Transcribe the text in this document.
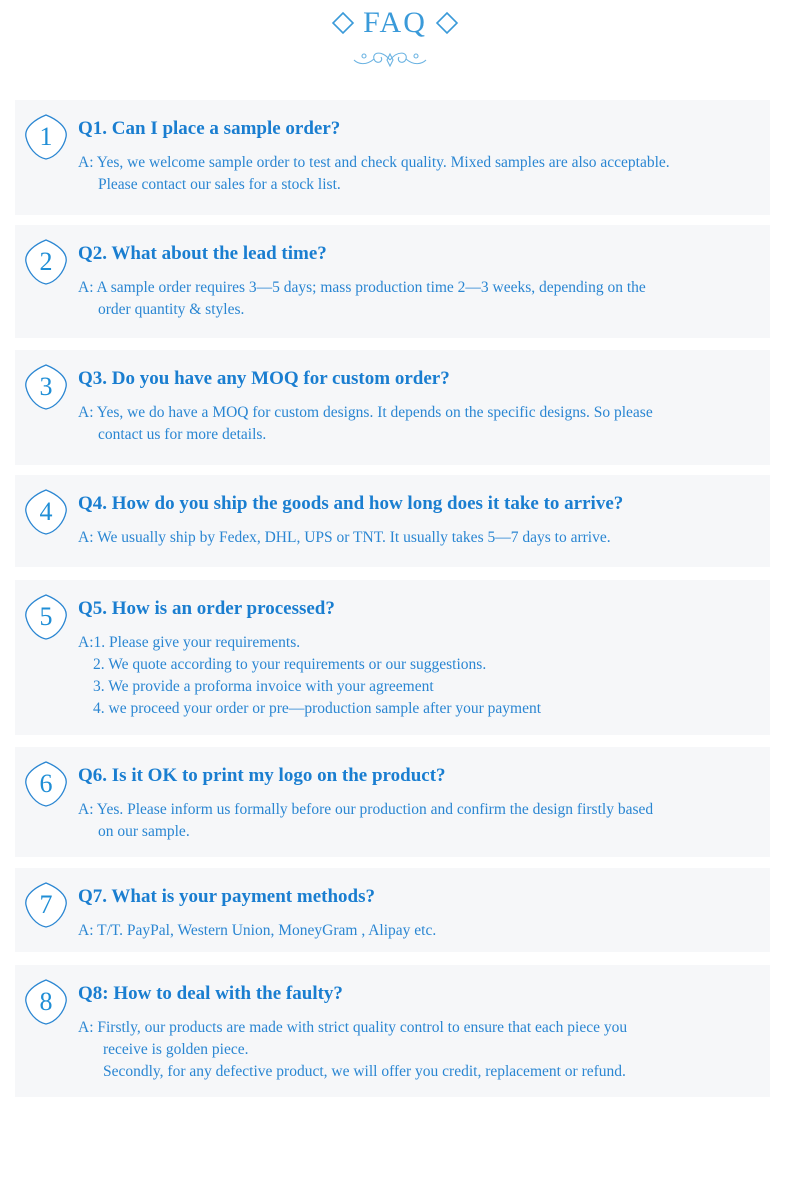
FAQ
1	Q1. Can I place a sample order?
A: Yes, we welcome sample order to test and check quality. Mixed samples are also acceptable.
Please contact our sales for a stock list.
2	Q2. What about the lead time?
A: A sample order requires 3—5 days; mass production time 2—3 weeks, depending on the
order quantity & styles.
3	Q3. Do you have any MOQ for custom order?
A: Yes, we do have a MOQ for custom designs. It depends on the specific designs. So please
contact us for more details.
4	Q4. How do you ship the goods and how long does it take to arrive?
A: We usually ship by Fedex, DHL, UPS or TNT. It usually takes 5—7 days to arrive.
5	Q5. How is an order processed?
A:1. Please give your requirements.
2. We quote according to your requirements or our suggestions.
3. We provide a proforma invoice with your agreement
4. we proceed your order or pre—production sample after your payment
6	Q6. Is it OK to print my logo on the product?
A: Yes. Please inform us formally before our production and confirm the design firstly based
on our sample.
7	Q7. What is your payment methods?
A: T/T. PayPal, Western Union, MoneyGram , Alipay etc.
8	Q8: How to deal with the faulty?
A: Firstly, our products are made with strict quality control to ensure that each piece you
receive is golden piece.
Secondly, for any defective product, we will offer you credit, replacement or refund.
